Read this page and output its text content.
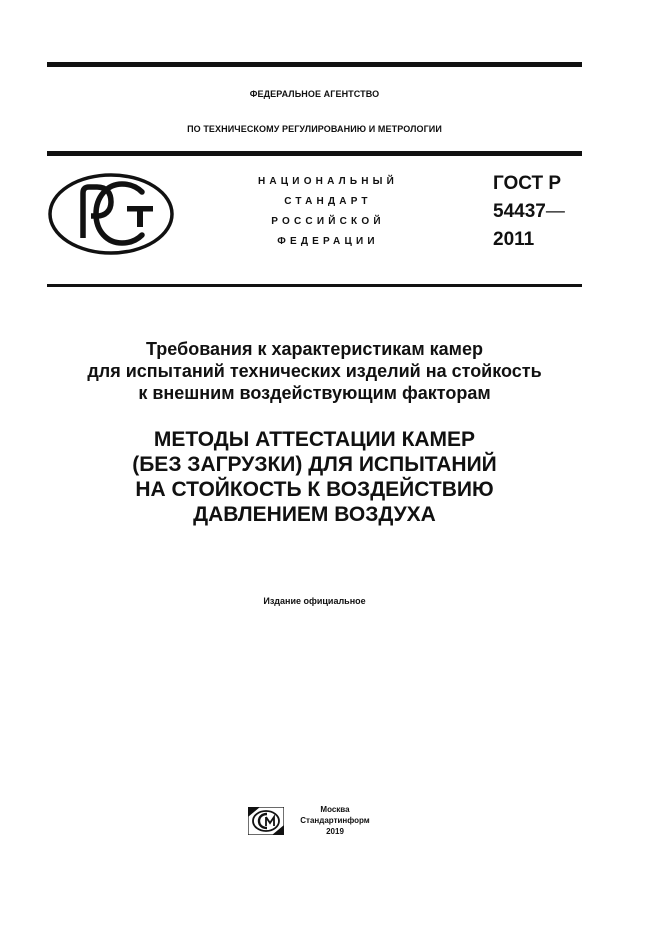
ФЕДЕРАЛЬНОЕ АГЕНТСТВО
ПО ТЕХНИЧЕСКОМУ РЕГУЛИРОВАНИЮ И МЕТРОЛОГИИ
НАЦИОНАЛЬНЫЙ
СТАНДАРТ
РОССИЙСКОЙ
ФЕДЕРАЦИИ
ГОСТ Р
54437—
2011
Требования к характеристикам камер
для испытаний технических изделий на стойкость
к внешним воздействующим факторам
МЕТОДЫ АТТЕСТАЦИИ КАМЕР
(БЕЗ ЗАГРУЗКИ) ДЛЯ ИСПЫТАНИЙ
НА СТОЙКОСТЬ К ВОЗДЕЙСТВИЮ
ДАВЛЕНИЕМ ВОЗДУХА
Издание официальное
Москва
Стандартинформ
2019
